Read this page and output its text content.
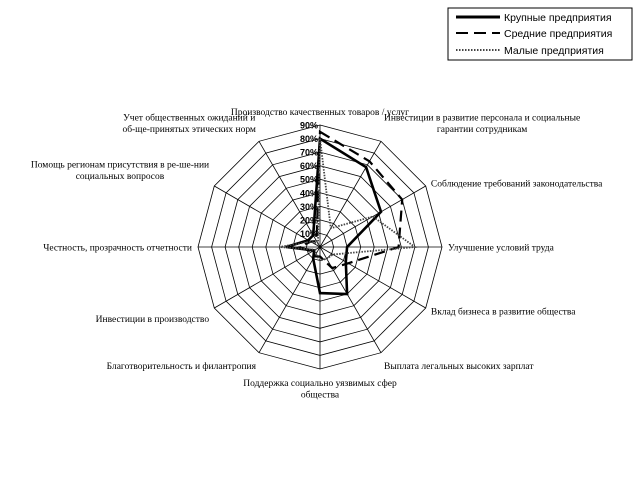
10%
20%
30%
40%
50%
60%
70%
80%
90%
Производство качественных товаров / услуг
Инвестиции в развитие персонала и социальные
гарантии сотрудникам
Соблюдение требований законодательства
Улучшение условий труда
Вклад бизнеса в развитие общества
Выплата легальных высоких зарплат
Поддержка социально уязвимых сфер
общества
Благотворительность и филантропия
Инвестиции в производство
Честность, прозрачность отчетности
Помощь регионам присутствия в ре-ше-нии
социальных вопросов
Учет общественных ожиданий и
об-ще-принятых этических норм
Крупные предприятия
Средние предприятия
Малые предприятия
